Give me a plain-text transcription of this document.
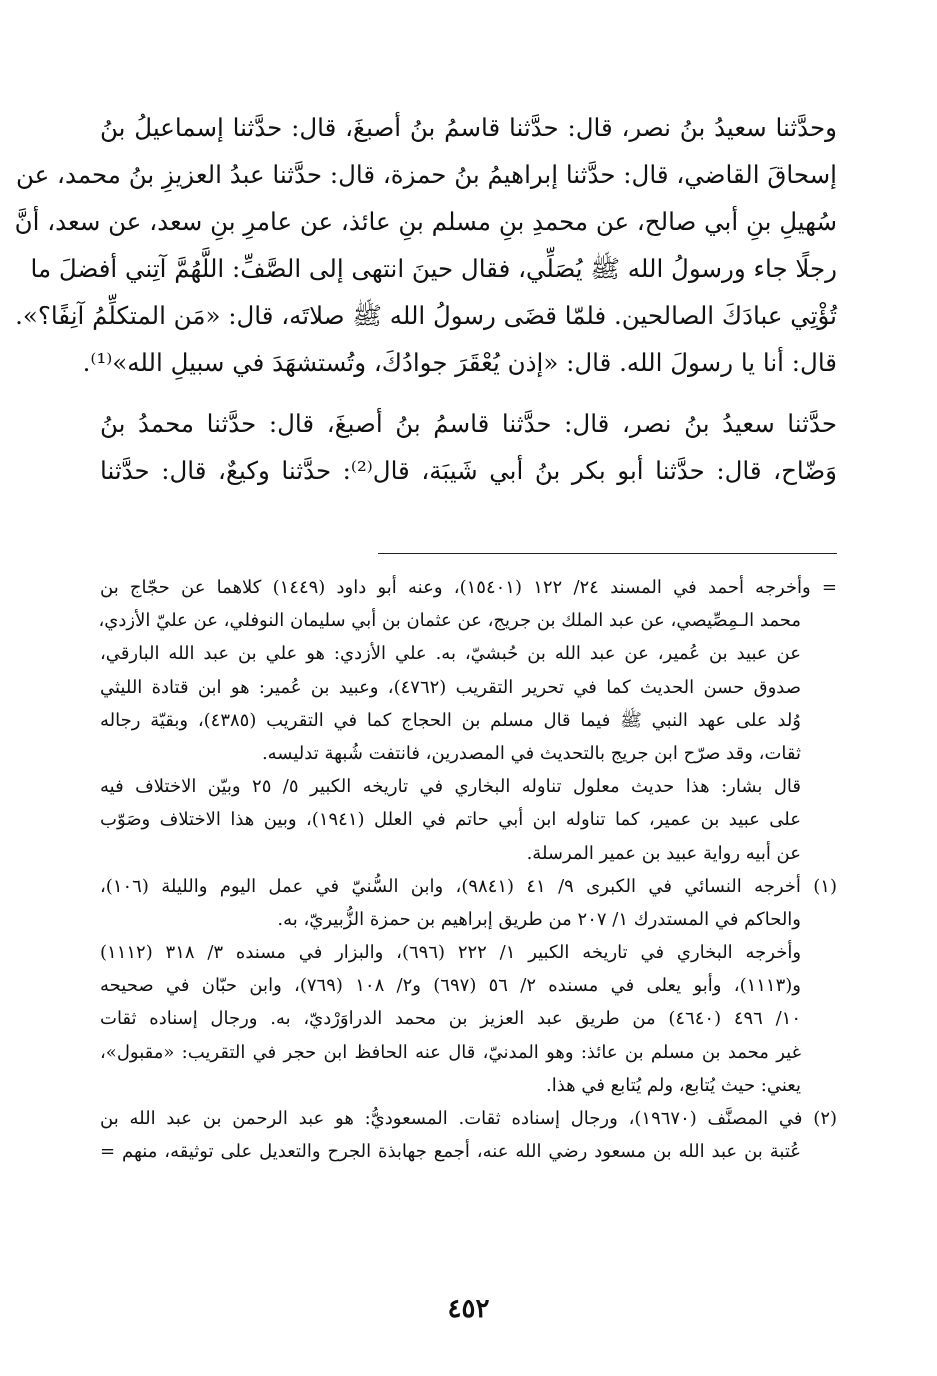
وحدَّثنا سعيدُ بنُ نصر، قال: حدَّثنا قاسمُ بنُ أصبغَ، قال: حدَّثنا إسماعيلُ بنُ
إسحاقَ القاضي، قال: حدَّثنا إبراهيمُ بنُ حمزة، قال: حدَّثنا عبدُ العزيزِ بنُ محمد، عن
سُهيلِ بنِ أبي صالح، عن محمدِ بنِ مسلم بنِ عائذ، عن عامرِ بنِ سعد، عن سعد، أنَّ
رجلًا جاء ورسولُ الله ﷺ يُصَلِّي، فقال حينَ انتهى إلى الصَّفِّ: اللَّهُمَّ آتِني أفضلَ ما
تُؤْتِي عبادَكَ الصالحين. فلمّا قضَى رسولُ الله ﷺ صلاتَه، قال: «مَن المتكلِّمُ آنِفًا؟».
قال: أنا يا رسولَ الله. قال: «إذن يُعْقَرَ جوادُكَ، وتُستشهَدَ في سبيلِ الله»⁽¹⁾.
حدَّثنا سعيدُ بنُ نصر، قال: حدَّثنا قاسمُ بنُ أصبغَ، قال: حدَّثنا محمدُ بنُ
وَضّاح، قال: حدَّثنا أبو بكر بنُ أبي شَيبَة، قال⁽²⁾: حدَّثنا وكيعٌ، قال: حدَّثنا
= وأخرجه أحمد في المسند ٢٤/ ١٢٢ (١٥٤٠١)، وعنه أبو داود (١٤٤٩) كلاهما عن حجّاج بن
محمد الـمِصِّيصي، عن عبد الملك بن جريج، عن عثمان بن أبي سليمان النوفلي، عن عليّ الأزدي،
عن عبيد بن عُمير، عن عبد الله بن حُبشيّ، به. علي الأزدي: هو علي بن عبد الله البارقي،
صدوق حسن الحديث كما في تحرير التقريب (٤٧٦٢)، وعبيد بن عُمير: هو ابن قتادة الليثي
وُلد على عهد النبي ﷺ فيما قال مسلم بن الحجاج كما في التقريب (٤٣٨٥)، وبقيّة رجاله
ثقات، وقد صرّح ابن جريج بالتحديث في المصدرين، فانتفت شُبهة تدليسه.
قال بشار: هذا حديث معلول تناوله البخاري في تاريخه الكبير ٥/ ٢٥ وبيّن الاختلاف فيه
على عبيد بن عمير، كما تناوله ابن أبي حاتم في العلل (١٩٤١)، وبين هذا الاختلاف وصَوّب
عن أبيه رواية عبيد بن عمير المرسلة.
(١) أخرجه النسائي في الكبرى ٩/ ٤١ (٩٨٤١)، وابن السُّنيّ في عمل اليوم والليلة (١٠٦)،
والحاكم في المستدرك ١/ ٢٠٧ من طريق إبراهيم بن حمزة الزُّبيريّ، به.
وأخرجه البخاري في تاريخه الكبير ١/ ٢٢٢ (٦٩٦)، والبزار في مسنده ٣/ ٣١٨ (١١١٢)
و(١١١٣)، وأبو يعلى في مسنده ٢/ ٥٦ (٦٩٧) و٢/ ١٠٨ (٧٦٩)، وابن حبّان في صحيحه
١٠/ ٤٩٦ (٤٦٤٠) من طريق عبد العزيز بن محمد الدراوَرْديّ، به. ورجال إسناده ثقات
غير محمد بن مسلم بن عائذ: وهو المدنيّ، قال عنه الحافظ ابن حجر في التقريب: «مقبول»،
يعني: حيث يُتابع، ولم يُتابع في هذا.
(٢) في المصنَّف (١٩٦٧٠)، ورجال إسناده ثقات. المسعوديُّ: هو عبد الرحمن بن عبد الله بن
عُتبة بن عبد الله بن مسعود رضي الله عنه، أجمع جهابذة الجرح والتعديل على توثيقه، منهم =
٤٥٢
